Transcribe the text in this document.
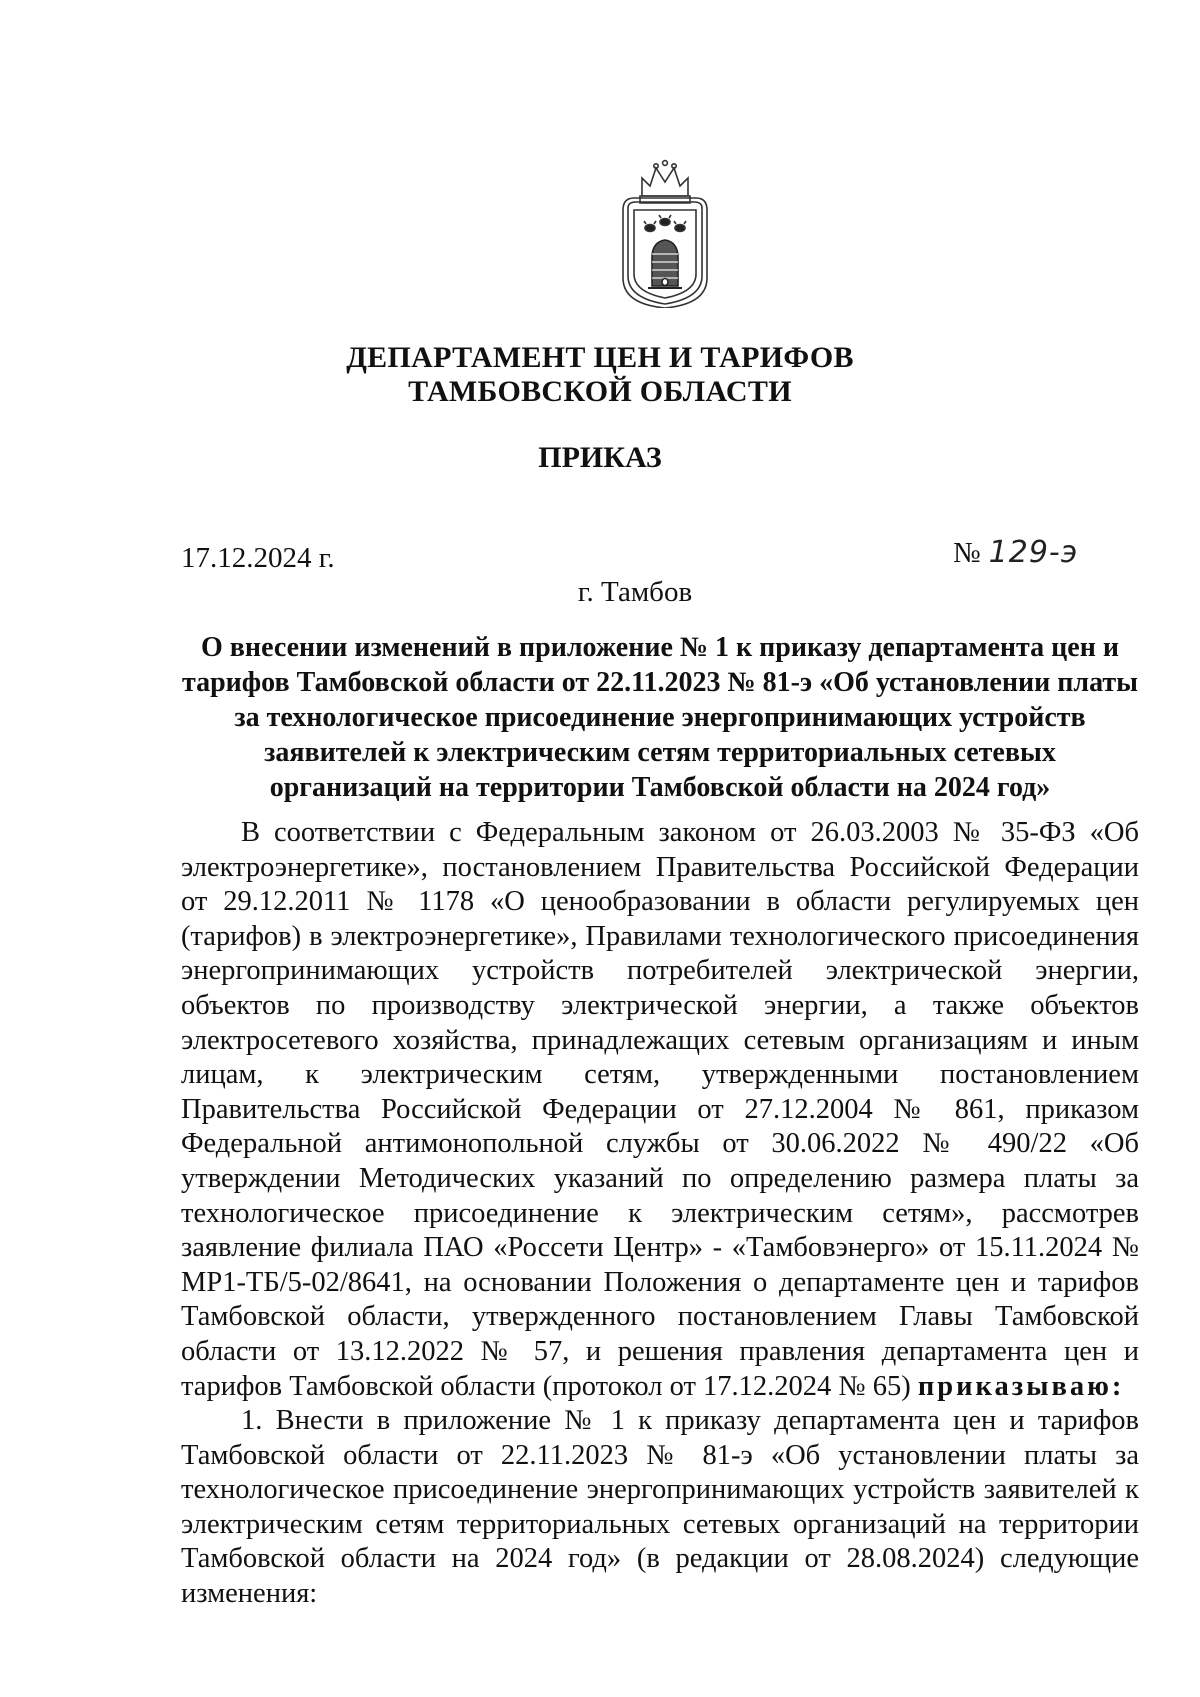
ДЕПАРТАМЕНТ ЦЕН И ТАРИФОВ
ТАМБОВСКОЙ ОБЛАСТИ
ПРИКАЗ
17.12.2024 г.	№ 129-э
г. Тамбов
О внесении изменений в приложение № 1 к приказу департамента цен и тарифов Тамбовской области от 22.11.2023 № 81-э «Об установлении платы за технологическое присоединение энергопринимающих устройств заявителей к электрическим сетям территориальных сетевых организаций на территории Тамбовской области на 2024 год»

В соответствии с Федеральным законом от 26.03.2003 № 35-ФЗ «Об электроэнергетике», постановлением Правительства Российской Федерации от 29.12.2011 № 1178 «О ценообразовании в области регулируемых цен (тарифов) в электроэнергетике», Правилами технологического присоединения энергопринимающих устройств потребителей электрической энергии, объектов по производству электрической энергии, а также объектов электросетевого хозяйства, принадлежащих сетевым организациям и иным лицам, к электрическим сетям, утвержденными постановлением Правительства Российской Федерации от 27.12.2004 № 861, приказом Федеральной антимонопольной службы от 30.06.2022 № 490/22 «Об утверждении Методических указаний по определению размера платы за технологическое присоединение к электрическим сетям», рассмотрев заявление филиала ПАО «Россети Центр» - «Тамбовэнерго» от 15.11.2024 № МР1-ТБ/5-02/8641, на основании Положения о департаменте цен и тарифов Тамбовской области, утвержденного постановлением Главы Тамбовской области от 13.12.2022 № 57, и решения правления департамента цен и тарифов Тамбовской области (протокол от 17.12.2024 № 65) приказываю:

1. Внести в приложение № 1 к приказу департамента цен и тарифов Тамбовской области от 22.11.2023 № 81-э «Об установлении платы за технологическое присоединение энергопринимающих устройств заявителей к электрическим сетям территориальных сетевых организаций на территории Тамбовской области на 2024 год» (в редакции от 28.08.2024) следующие изменения:
